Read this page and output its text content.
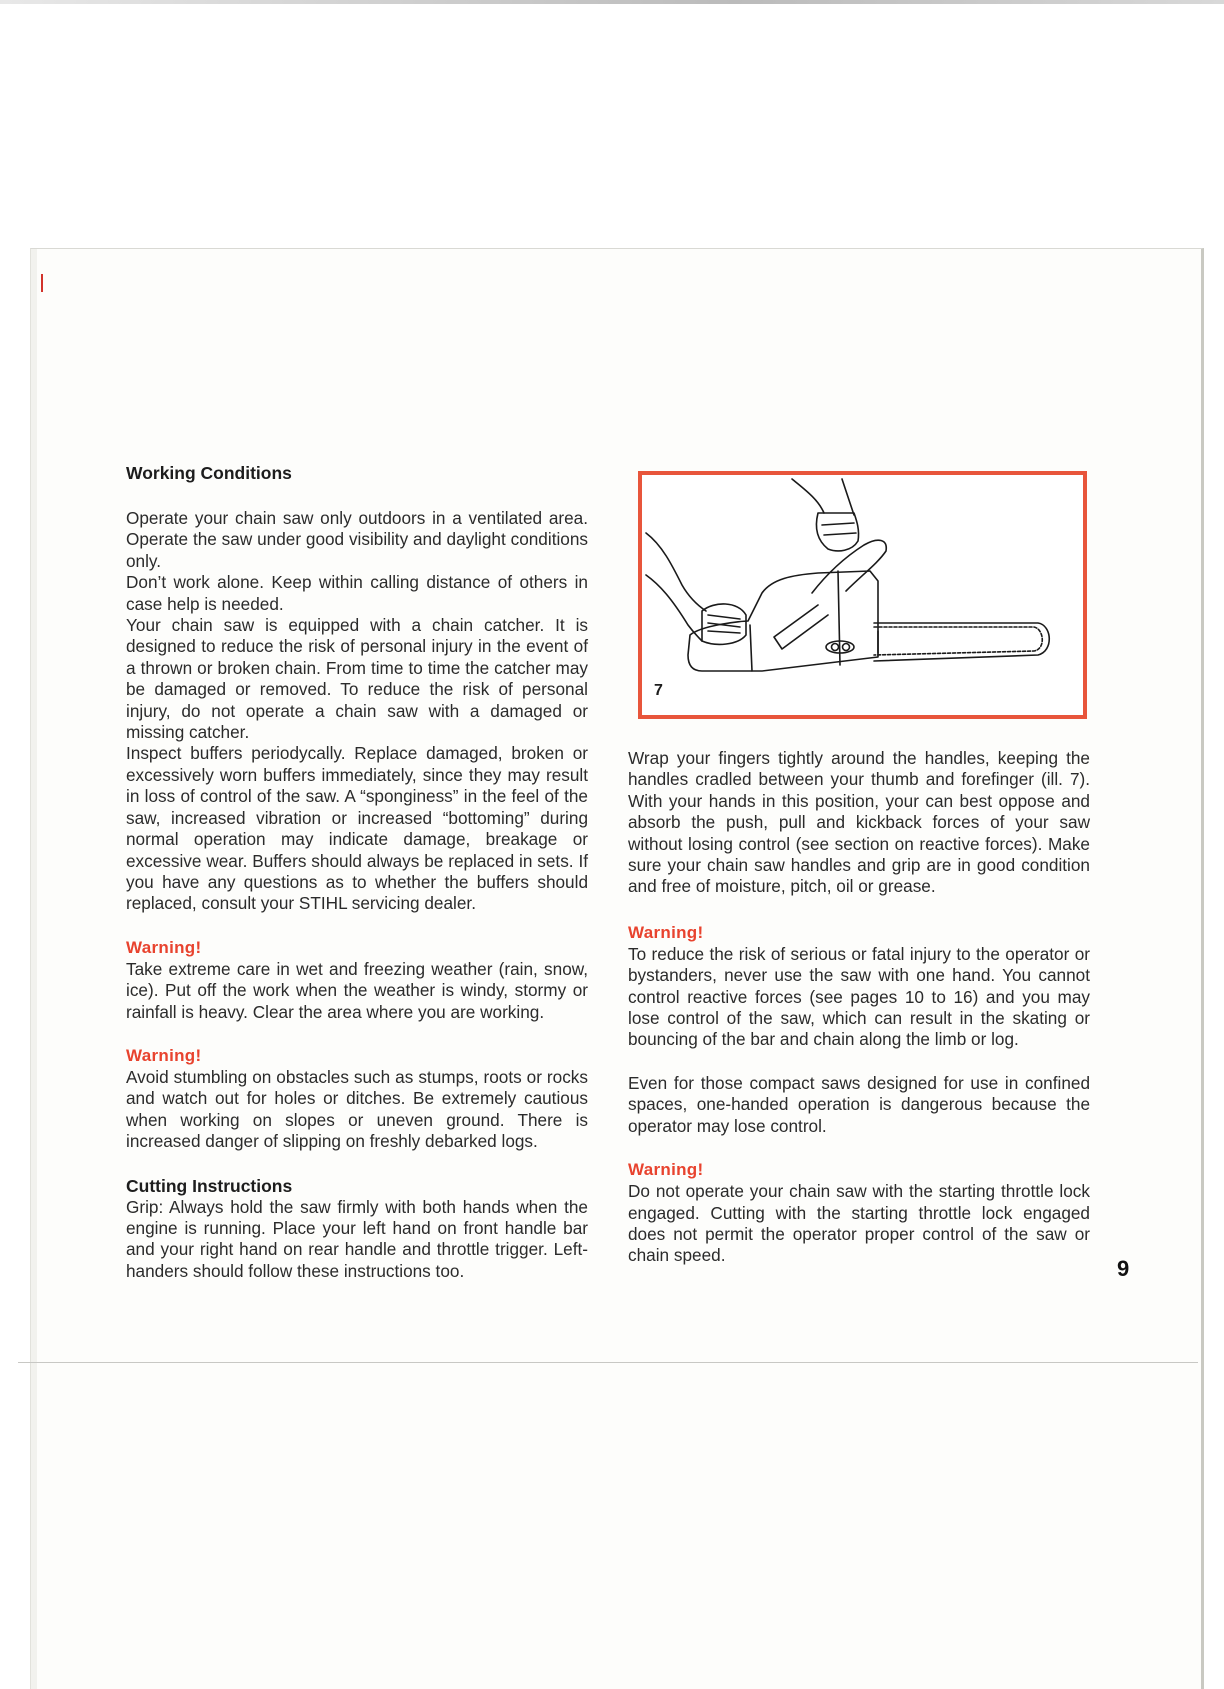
Working Conditions

Operate your chain saw only outdoors in a ventilated area. Operate the saw under good visibility and daylight conditions only.

Don’t work alone. Keep within calling distance of others in case help is needed.

Your chain saw is equipped with a chain catcher. It is designed to reduce the risk of personal injury in the event of a thrown or broken chain. From time to time the catcher may be damaged or removed. To reduce the risk of personal injury, do not operate a chain saw with a damaged or missing catcher.

Inspect buffers periodycally. Replace damaged, broken or excessively worn buffers immediately, since they may result in loss of control of the saw. A “sponginess” in the feel of the saw, increased vibration or increased “bottoming” during normal operation may indicate damage, breakage or excessive wear. Buffers should always be replaced in sets. If you have any questions as to whether the buffers should replaced, consult your STIHL servicing dealer.

Warning!

Take extreme care in wet and freezing weather (rain, snow, ice). Put off the work when the weather is windy, stormy or rainfall is heavy. Clear the area where you are working.

Warning!

Avoid stumbling on obstacles such as stumps, roots or rocks and watch out for holes or ditches. Be extremely cautious when working on slopes or uneven ground. There is increased danger of slipping on freshly debarked logs.

Cutting Instructions

Grip: Always hold the saw firmly with both hands when the engine is running. Place your left hand on front handle bar and your right hand on rear handle and throttle trigger. Left-handers should follow these instructions too.

7

Wrap your fingers tightly around the handles, keeping the handles cradled between your thumb and forefinger (ill. 7). With your hands in this position, your can best oppose and absorb the push, pull and kickback forces of your saw without losing control (see section on reactive forces). Make sure your chain saw handles and grip are in good condition and free of moisture, pitch, oil or grease.

Warning!

To reduce the risk of serious or fatal injury to the operator or bystanders, never use the saw with one hand. You cannot control reactive forces (see pages 10 to 16) and you may lose control of the saw, which can result in the skating or bouncing of the bar and chain along the limb or log.

Even for those compact saws designed for use in confined spaces, one-handed operation is dangerous because the operator may lose control.

Warning!

Do not operate your chain saw with the starting throttle lock engaged. Cutting with the starting throttle lock engaged does not permit the operator proper control of the saw or chain speed.

9
